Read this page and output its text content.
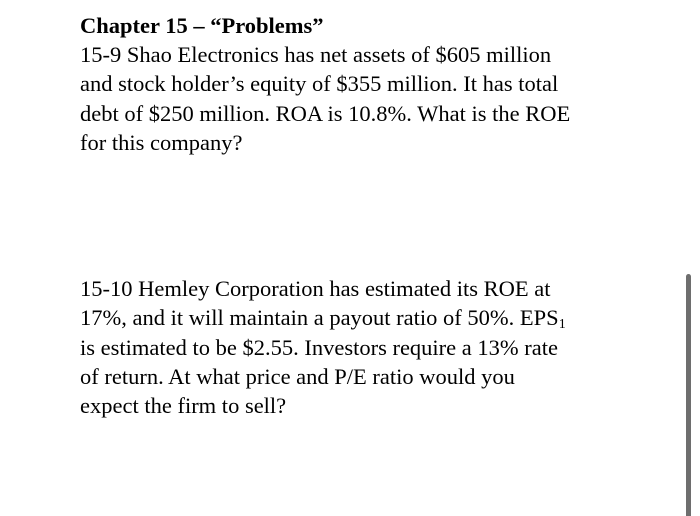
Chapter 15 – “Problems”
15-9 Shao Electronics has net assets of $605 million
and stock holder’s equity of $355 million. It has total
debt of $250 million. ROA is 10.8%. What is the ROE
for this company?
15-10 Hemley Corporation has estimated its ROE at
17%, and it will maintain a payout ratio of 50%. $EPS_1$
is estimated to be $2.55. Investors require a 13% rate
of return. At what price and P/E ratio would you
expect the firm to sell?
